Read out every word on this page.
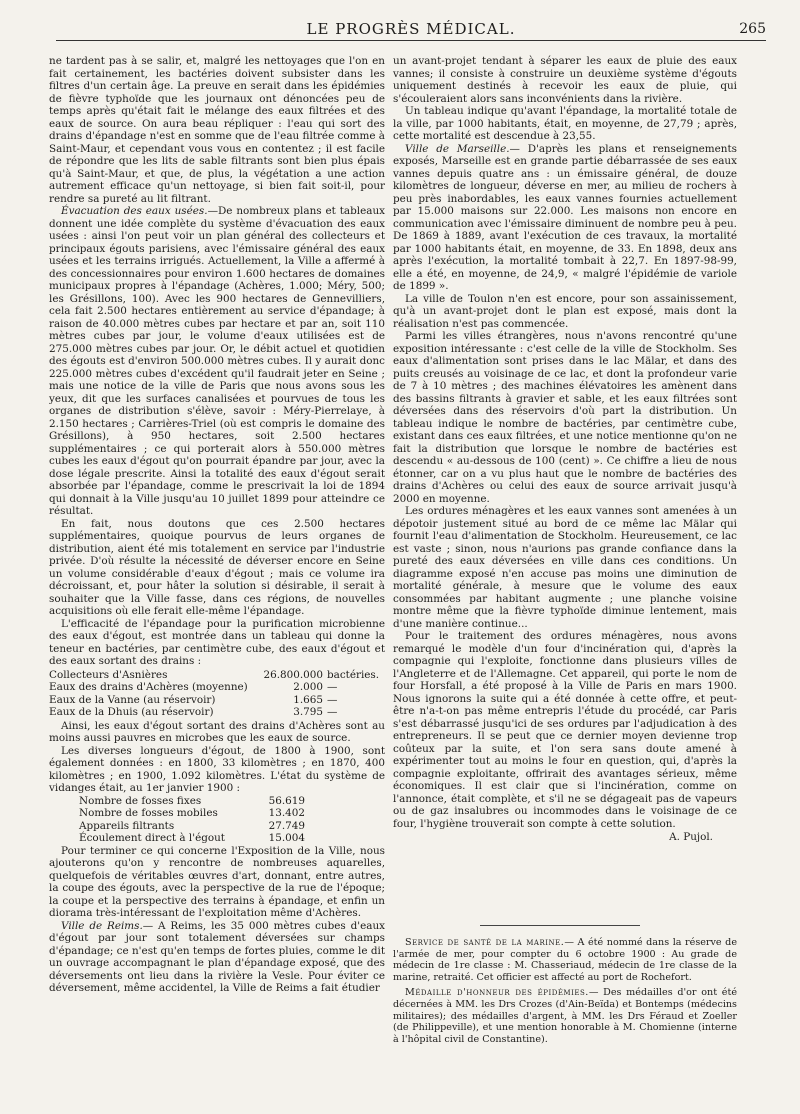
LE PROGRÈS MÉDICAL.	265

ne tardent pas à se salir, et, malgré les nettoyages que l'on en fait certainement, les bactéries doivent subsister dans les filtres d'un certain âge. La preuve en serait dans les épidémies de fièvre typhoïde que les journaux ont dénoncées peu de temps après qu'était fait le mélange des eaux filtrées et des eaux de source. On aura beau répliquer : l'eau qui sort des drains d'épandage n'est en somme que de l'eau filtrée comme à Saint-Maur, et cependant vous vous en contentez ; il est facile de répondre que les lits de sable filtrants sont bien plus épais qu'à Saint-Maur, et que, de plus, la végétation a une action autrement efficace qu'un nettoyage, si bien fait soit-il, pour rendre sa pureté au lit filtrant.

Évacuation des eaux usées.—De nombreux plans et tableaux donnent une idée complète du système d'évacuation des eaux usées : ainsi l'on peut voir un plan général des collecteurs et principaux égouts parisiens, avec l'émissaire général des eaux usées et les terrains irrigués. Actuellement, la Ville a affermé à des concessionnaires pour environ 1.600 hectares de domaines municipaux propres à l'épandage (Achères, 1.000; Méry, 500; les Grésillons, 100). Avec les 900 hectares de Gennevilliers, cela fait 2.500 hectares entièrement au service d'épandage; à raison de 40.000 mètres cubes par hectare et par an, soit 110 mètres cubes par jour, le volume d'eaux utilisées est de 275.000 mètres cubes par jour. Or, le débit actuel et quotidien des égouts est d'environ 500.000 mètres cubes. Il y aurait donc 225.000 mètres cubes d'excédent qu'il faudrait jeter en Seine ; mais une notice de la ville de Paris que nous avons sous les yeux, dit que les surfaces canalisées et pourvues de tous les organes de distribution s'élève, savoir : Méry-Pierrelaye, à 2.150 hectares ; Carrières-Triel (où est compris le domaine des Grésillons), à 950 hectares, soit 2.500 hectares supplémentaires ; ce qui porterait alors à 550.000 mètres cubes les eaux d'égout qu'on pourrait épandre par jour, avec la dose légale prescrite. Ainsi la totalité des eaux d'égout serait absorbée par l'épandage, comme le prescrivait la loi de 1894 qui donnait à la Ville jusqu'au 10 juillet 1899 pour atteindre ce résultat.

En fait, nous doutons que ces 2.500 hectares supplémentaires, quoique pourvus de leurs organes de distribution, aient été mis totalement en service par l'industrie privée. D'où résulte la nécessité de déverser encore en Seine un volume considérable d'eaux d'égout ; mais ce volume ira décroissant, et, pour hâter la solution si désirable, il serait à souhaiter que la Ville fasse, dans ces régions, de nouvelles acquisitions où elle ferait elle-même l'épandage.

L'efficacité de l'épandage pour la purification microbienne des eaux d'égout, est montrée dans un tableau qui donne la teneur en bactéries, par centimètre cube, des eaux d'égout et des eaux sortant des drains :

Collecteurs d'Asnières	26.800.000	bactéries.
Eaux des drains d'Achères (moyenne)	2.000	—
Eaux de la Vanne (au réservoir)	1.665	—
Eaux de la Dhuis (au réservoir)	3.795	—

Ainsi, les eaux d'égout sortant des drains d'Achères sont au moins aussi pauvres en microbes que les eaux de source.

Les diverses longueurs d'égout, de 1800 à 1900, sont également données : en 1800, 33 kilomètres ; en 1870, 400 kilomètres ; en 1900, 1.092 kilomètres. L'état du système de vidanges était, au 1er janvier 1900 :

Nombre de fosses fixes	56.619
Nombre de fosses mobiles	13.402
Appareils filtrants	27.749
Écoulement direct à l'égout	15.004

Pour terminer ce qui concerne l'Exposition de la Ville, nous ajouterons qu'on y rencontre de nombreuses aquarelles, quelquefois de véritables œuvres d'art, donnant, entre autres, la coupe des égouts, avec la perspective de la rue de l'époque; la coupe et la perspective des terrains à épandage, et enfin un diorama très-intéressant de l'exploitation même d'Achères.

Ville de Reims.— A Reims, les 35 000 mètres cubes d'eaux d'égout par jour sont totalement déversées sur champs d'épandage; ce n'est qu'en temps de fortes pluies, comme le dit un ouvrage accompagnant le plan d'épandage exposé, que des déversements ont lieu dans la rivière la Vesle. Pour éviter ce déversement, même accidentel, la Ville de Reims a fait étudier

un avant-projet tendant à séparer les eaux de pluie des eaux vannes; il consiste à construire un deuxième système d'égouts uniquement destinés à recevoir les eaux de pluie, qui s'écouleraient alors sans inconvénients dans la rivière.

Un tableau indique qu'avant l'épandage, la mortalité totale de la ville, par 1000 habitants, était, en moyenne, de 27,79 ; après, cette mortalité est descendue à 23,55.

Ville de Marseille.— D'après les plans et renseignements exposés, Marseille est en grande partie débarrassée de ses eaux vannes depuis quatre ans : un émissaire général, de douze kilomètres de longueur, déverse en mer, au milieu de rochers à peu près inabordables, les eaux vannes fournies actuellement par 15.000 maisons sur 22.000. Les maisons non encore en communication avec l'émissaire diminuent de nombre peu à peu. De 1869 à 1889, avant l'exécution de ces travaux, la mortalité par 1000 habitants était, en moyenne, de 33. En 1898, deux ans après l'exécution, la mortalité tombait à 22,7. En 1897-98-99, elle a été, en moyenne, de 24,9, « malgré l'épidémie de variole de 1899 ».

La ville de Toulon n'en est encore, pour son assainissement, qu'à un avant-projet dont le plan est exposé, mais dont la réalisation n'est pas commencée.

Parmi les villes étrangères, nous n'avons rencontré qu'une exposition intéressante : c'est celle de la ville de Stockholm. Ses eaux d'alimentation sont prises dans le lac Mälar, et dans des puits creusés au voisinage de ce lac, et dont la profondeur varie de 7 à 10 mètres ; des machines élévatoires les amènent dans des bassins filtrants à gravier et sable, et les eaux filtrées sont déversées dans des réservoirs d'où part la distribution. Un tableau indique le nombre de bactéries, par centimètre cube, existant dans ces eaux filtrées, et une notice mentionne qu'on ne fait la distribution que lorsque le nombre de bactéries est descendu « au-dessous de 100 (cent) ». Ce chiffre a lieu de nous étonner, car on a vu plus haut que le nombre de bactéries des drains d'Achères ou celui des eaux de source arrivait jusqu'à 2000 en moyenne.

Les ordures ménagères et les eaux vannes sont amenées à un dépotoir justement situé au bord de ce même lac Mälar qui fournit l'eau d'alimentation de Stockholm. Heureusement, ce lac est vaste ; sinon, nous n'aurions pas grande confiance dans la pureté des eaux déversées en ville dans ces conditions. Un diagramme exposé n'en accuse pas moins une diminution de mortalité générale, à mesure que le volume des eaux consommées par habitant augmente ; une planche voisine montre même que la fièvre typhoïde diminue lentement, mais d'une manière continue...

Pour le traitement des ordures ménagères, nous avons remarqué le modèle d'un four d'incinération qui, d'après la compagnie qui l'exploite, fonctionne dans plusieurs villes de l'Angleterre et de l'Allemagne. Cet appareil, qui porte le nom de four Horsfall, a été proposé à la Ville de Paris en mars 1900. Nous ignorons la suite qui a été donnée à cette offre, et peut-être n'a-t-on pas même entrepris l'étude du procédé, car Paris s'est débarrassé jusqu'ici de ses ordures par l'adjudication à des entrepreneurs. Il se peut que ce dernier moyen devienne trop coûteux par la suite, et l'on sera sans doute amené à expérimenter tout au moins le four en question, qui, d'après la compagnie exploitante, offrirait des avantages sérieux, même économiques. Il est clair que si l'incinération, comme on l'annonce, était complète, et s'il ne se dégageait pas de vapeurs ou de gaz insalubres ou incommodes dans le voisinage de ce four, l'hygiène trouverait son compte à cette solution.

A. Pujol.

Service de santé de la marine.— A été nommé dans la réserve de l'armée de mer, pour compter du 6 octobre 1900 : Au grade de médecin de 1re classe : M. Chasseriaud, médecin de 1re classe de la marine, retraité. Cet officier est affecté au port de Rochefort.

Médaille d'honneur des épidémies.— Des médailles d'or ont été décernées à MM. les Drs Crozes (d'Ain-Beïda) et Bontemps (médecins militaires); des médailles d'argent, à MM. les Drs Féraud et Zoeller (de Philippeville), et une mention honorable à M. Chomienne (interne à l'hôpital civil de Constantine).
